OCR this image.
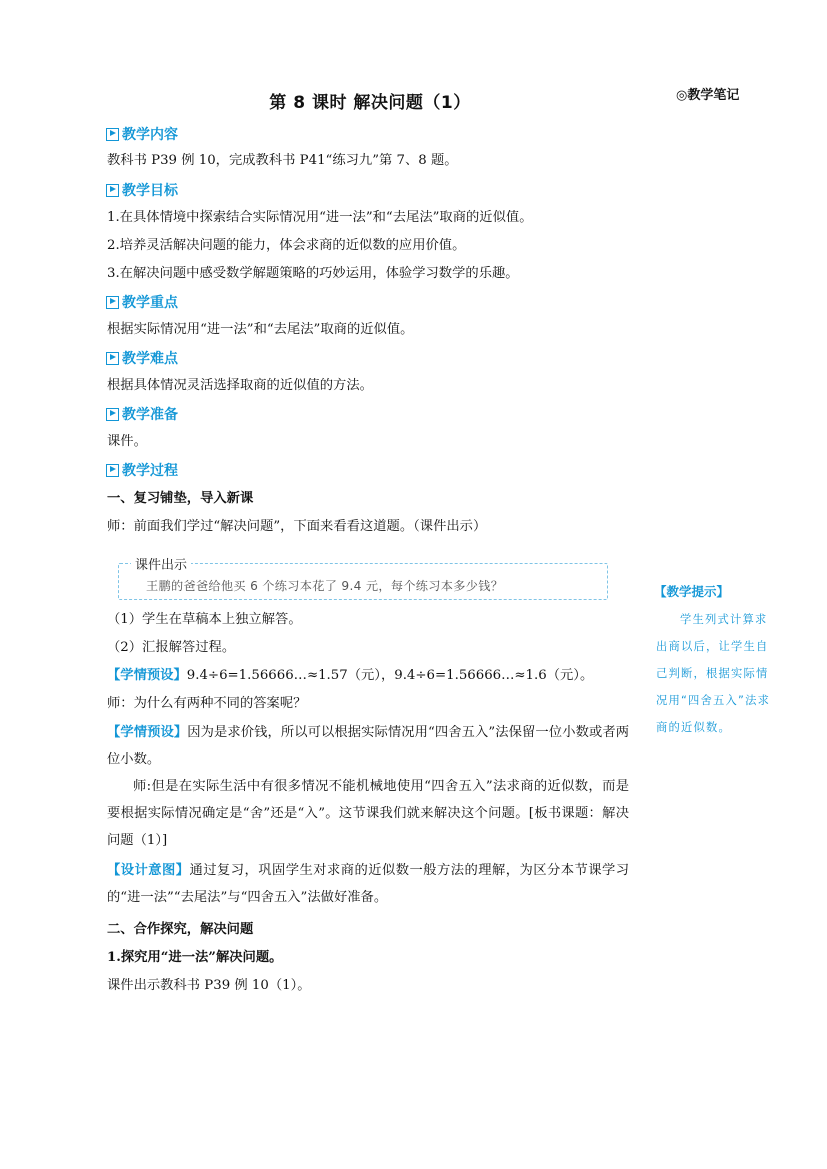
第 8 课时 解决问题（1）	◎教学笔记
教学内容
教科书 P39 例 10，完成教科书 P41“练习九”第 7、8 题。
教学目标
1.在具体情境中探索结合实际情况用“进一法”和“去尾法”取商的近似值。
2.培养灵活解决问题的能力，体会求商的近似数的应用价值。
3.在解决问题中感受数学解题策略的巧妙运用，体验学习数学的乐趣。
教学重点
根据实际情况用“进一法”和“去尾法”取商的近似值。
教学难点
根据具体情况灵活选择取商的近似值的方法。
教学准备
课件。
教学过程
一、复习铺垫，导入新课
师：前面我们学过“解决问题”，下面来看看这道题。（课件出示）
课件出示
王鹏的爸爸给他买 6 个练习本花了 9.4 元，每个练习本多少钱？
（1）学生在草稿本上独立解答。
（2）汇报解答过程。
【学情预设】9.4÷6=1.56666…≈1.57（元），9.4÷6=1.56666…≈1.6（元）。
师：为什么有两种不同的答案呢？
【学情预设】因为是求价钱，所以可以根据实际情况用“四舍五入”法保留一位小数或者两位小数。
师:但是在实际生活中有很多情况不能机械地使用“四舍五入”法求商的近似数，而是要根据实际情况确定是“舍”还是“入”。这节课我们就来解决这个问题。[板书课题：解决问题（1）]
【设计意图】通过复习，巩固学生对求商的近似数一般方法的理解，为区分本节课学习的“进一法”“去尾法”与“四舍五入”法做好准备。
二、合作探究，解决问题
1.探究用“进一法”解决问题。
课件出示教科书 P39 例 10（1）。
【教学提示】
学生列式计算求出商以后，让学生自己判断，根据实际情况用“四舍五入”法求商的近似数。
